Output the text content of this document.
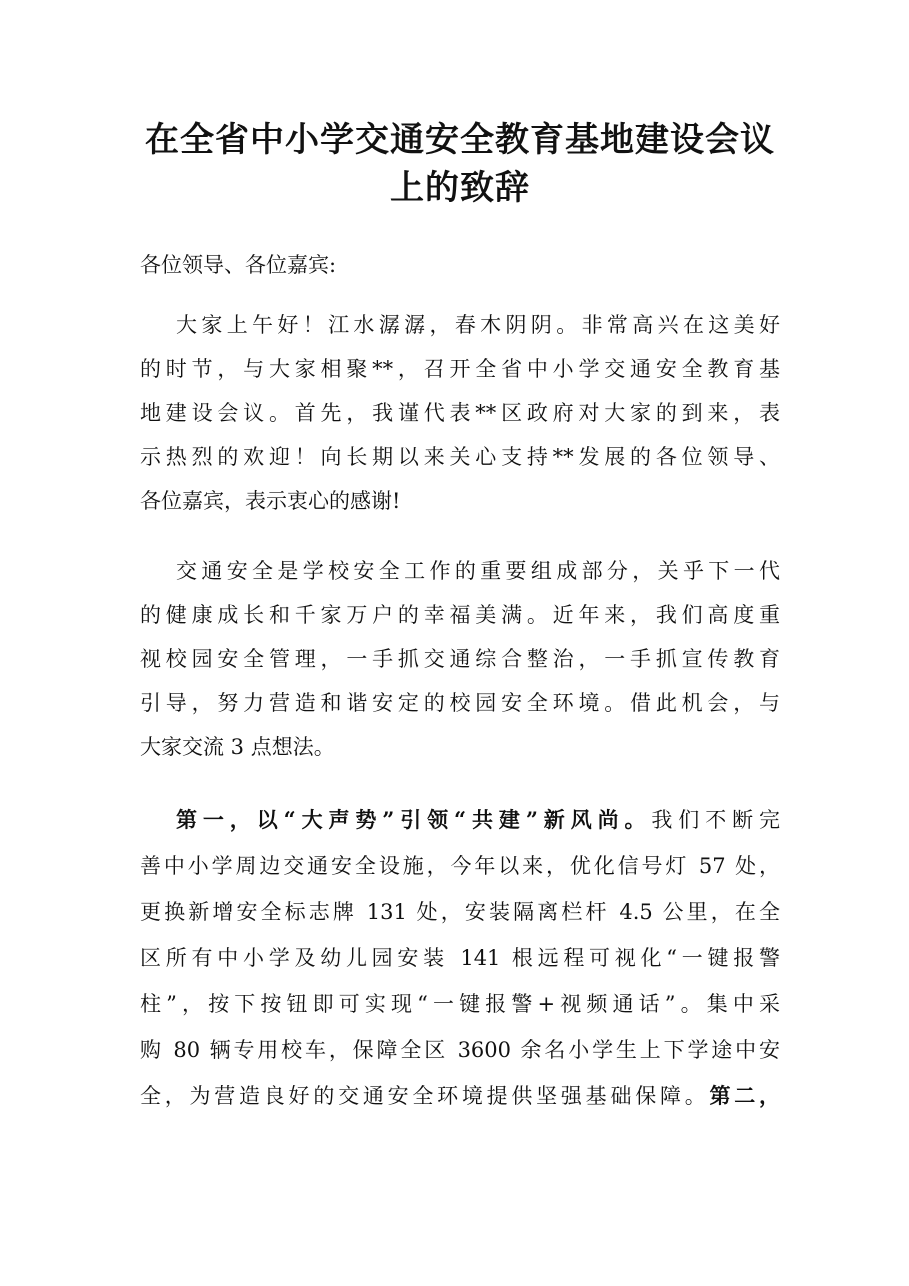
在全省中小学交通安全教育基地建设会议
上的致辞

各位领导、各位嘉宾:

大家上午好！江水潺潺，春木阴阴。非常高兴在这美好

的时节，与大家相聚**，召开全省中小学交通安全教育基

地建设会议。首先，我谨代表**区政府对大家的到来，表

示热烈的欢迎！向长期以来关心支持**发展的各位领导、

各位嘉宾，表示衷心的感谢!

交通安全是学校安全工作的重要组成部分，关乎下一代

的健康成长和千家万户的幸福美满。近年来，我们高度重

视校园安全管理，一手抓交通综合整治，一手抓宣传教育

引导，努力营造和谐安定的校园安全环境。借此机会，与

大家交流 3 点想法。

第一，以“大声势”引领“共建”新风尚。我们不断完

善中小学周边交通安全设施，今年以来，优化信号灯 57 处，

更换新增安全标志牌 131 处，安装隔离栏杆 4.5 公里，在全

区所有中小学及幼儿园安装 141 根远程可视化“一键报警

柱”，按下按钮即可实现“一键报警+视频通话”。集中采

购 80 辆专用校车，保障全区 3600 余名小学生上下学途中安

全，为营造良好的交通安全环境提供坚强基础保障。第二，
